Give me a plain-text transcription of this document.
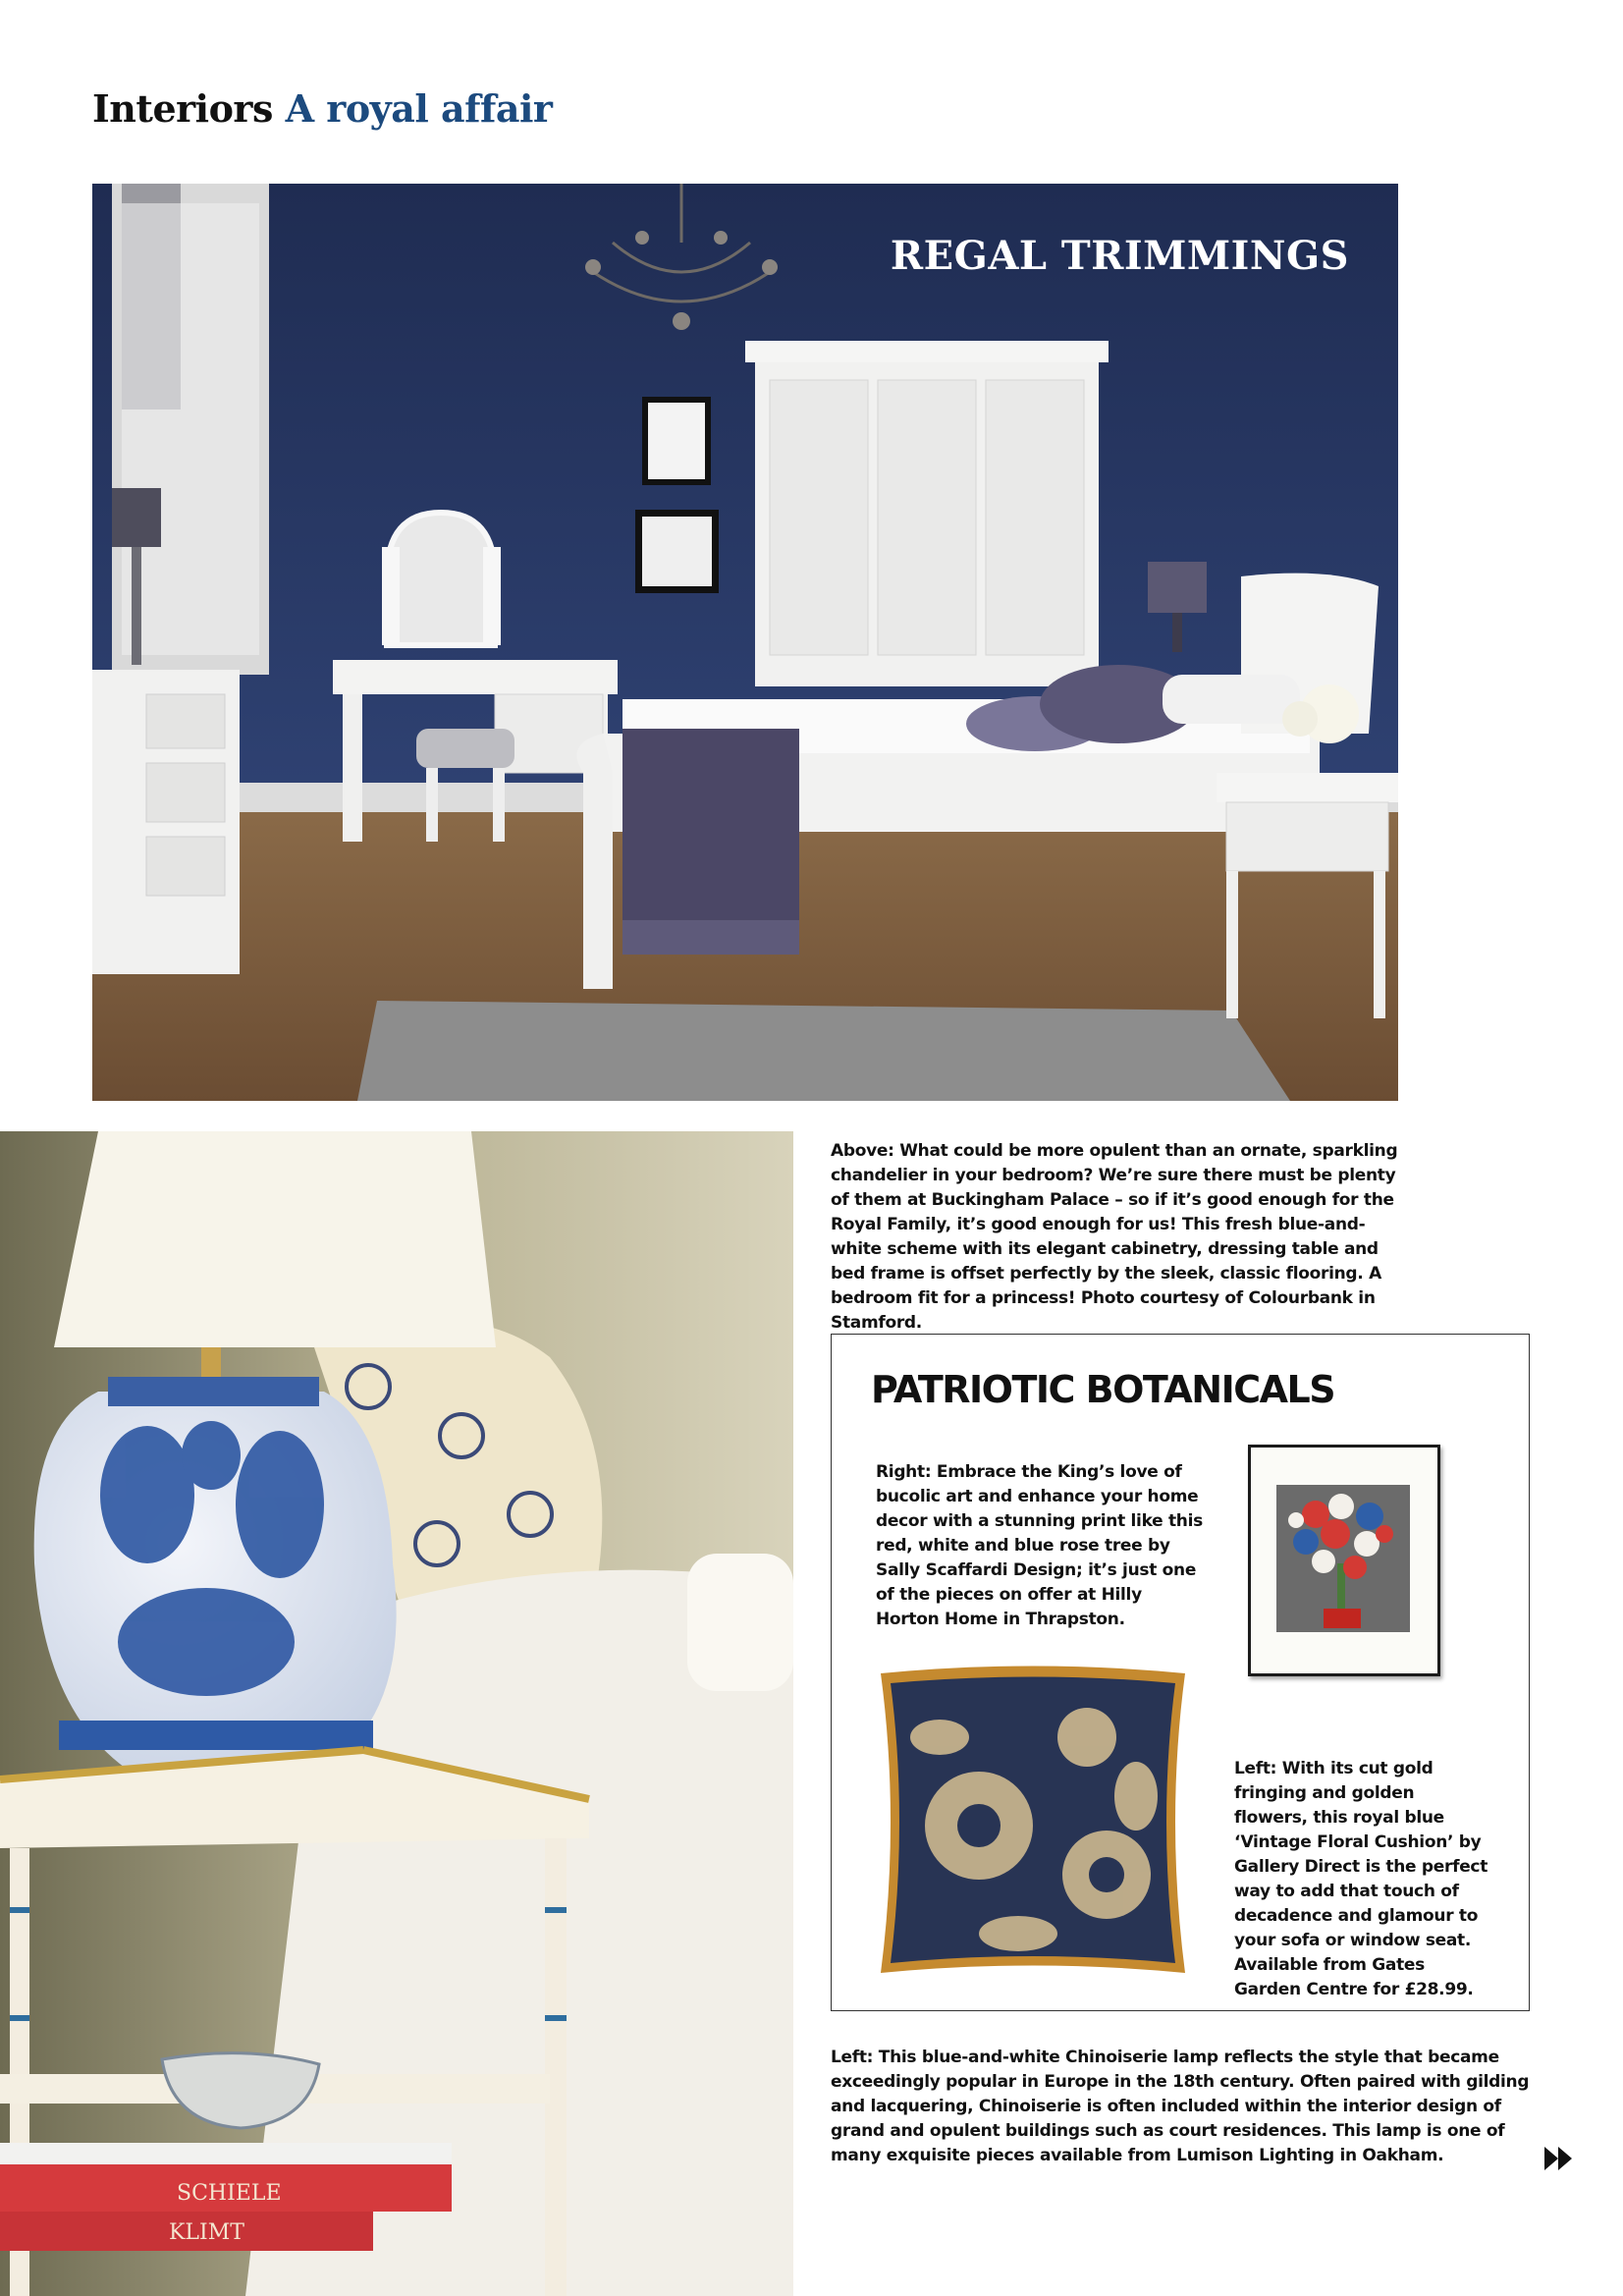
Interiors A royal affair
REGAL TRIMMINGS
SCHIELE
KLIMT
Above: What could be more opulent than an ornate, sparkling chandelier in your bedroom? We’re sure there must be plenty of them at Buckingham Palace – so if it’s good enough for the Royal Family, it’s good enough for us! This fresh blue-and-white scheme with its elegant cabinetry, dressing table and bed frame is offset perfectly by the sleek, classic flooring. A bedroom fit for a princess! Photo courtesy of Colourbank in Stamford.
PATRIOTIC BOTANICALS
Right: Embrace the King’s love of bucolic art and enhance your home decor with a stunning print like this red, white and blue rose tree by Sally Scaffardi Design; it’s just one of the pieces on offer at Hilly Horton Home in Thrapston.
Left: With its cut gold fringing and golden flowers, this royal blue ‘Vintage Floral Cushion’ by Gallery Direct is the perfect way to add that touch of decadence and glamour to your sofa or window seat. Available from Gates Garden Centre for £28.99.
Left: This blue-and-white Chinoiserie lamp reflects the style that became exceedingly popular in Europe in the 18th century. Often paired with gilding and lacquering, Chinoiserie is often included within the interior design of grand and opulent buildings such as court residences. This lamp is one of many exquisite pieces available from Lumison Lighting in Oakham.
